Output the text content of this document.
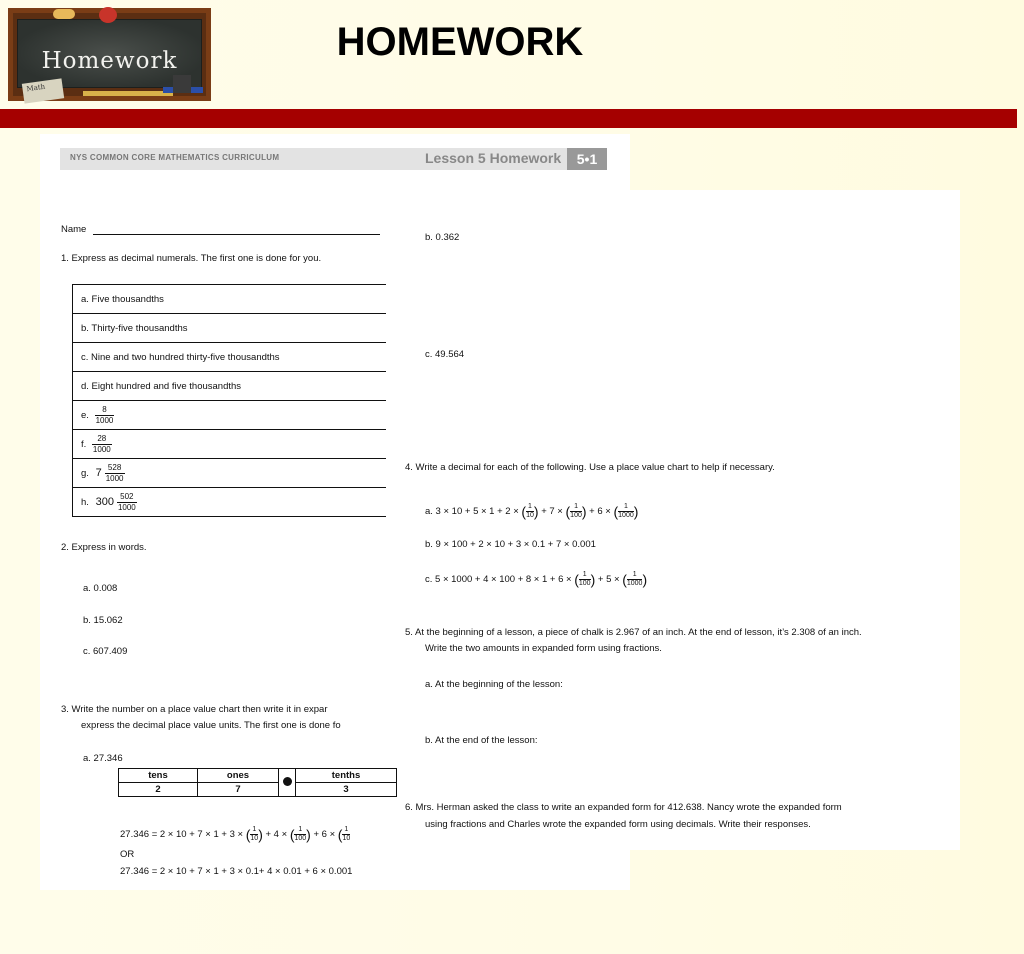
Homework
Math
HOMEWORK
NYS COMMON CORE MATHEMATICS CURRICULUM	Lesson 5 Homework	5•1
Name
1. Express as decimal numerals. The first one is done for you.
a. Five thousandths
b. Thirty-five thousandths
c. Nine and two hundred thirty-five thousandths
d. Eight hundred and five thousandths
e. $\frac{8}{1000}$

f. $\frac{28}{1000}$

g. $7 \frac{528}{1000}$

h. $300 \frac{502}{1000}$
2. Express in words.
a. 0.008
b. 15.062
c. 607.409
3. Write the number on a place value chart then write it in expar
express the decimal place value units. The first one is done fo
a. 27.346
tens	ones		tenths
2	7		3
27.346 = 2 × 10 + 7 × 1 + 3 × ( $\frac{1}{10}) + 4$ × ( $\frac{1}{100}) + 6$ × ( $\frac{1}{10}$
OR
27.346 = 2 × 10 + 7 × 1 + 3 × 0.1+ 4 × 0.01 + 6 × 0.001
b. 0.362
c. 49.564
4. Write a decimal for each of the following. Use a place value chart to help if necessary.
a. 3 × 10 + 5 × 1 + 2 × ( $\frac{1}{10}) + 7$ × ( $\frac{1}{100}) + 6$ × ( $\frac{1}{1000}$)
b. 9 × 100 + 2 × 10 + 3 × 0.1 + 7 × 0.001
c. 5 × 1000 + 4 × 100 + 8 × 1 + 6 × ( $\frac{1}{100}) + 5$ × ( $\frac{1}{1000}$)
5. At the beginning of a lesson, a piece of chalk is 2.967 of an inch. At the end of lesson, it’s 2.308 of an inch.
Write the two amounts in expanded form using fractions.
a. At the beginning of the lesson:
b. At the end of the lesson:
6. Mrs. Herman asked the class to write an expanded form for 412.638. Nancy wrote the expanded form
using fractions and Charles wrote the expanded form using decimals. Write their responses.
